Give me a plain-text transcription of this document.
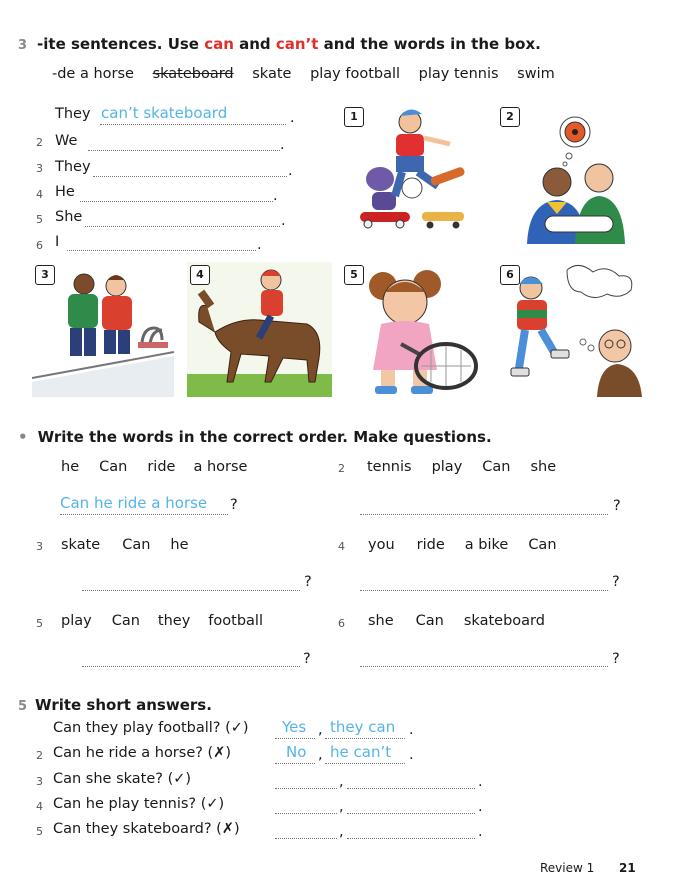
3 -ite sentences. Use can and can’t and the words in the box.
-de a horse skateboard skate play football play tennis swim
They can’t skateboard	.
2 We	.
3 They	.
4 He	.
5 She	.
6 I	.
1	2
3	4	5	6
• Write the words in the correct order. Make questions.
he Can ride a horse
Can he ride a horse ?
2 tennis play Can she
?
3 skate Can he
?
4 you ride a bike Can
?
5 play Can they football
?
6 she Can skateboard
?
5 Write short answers.
Can they play football? (✓) Yes , they can .
2 Can he ride a horse? (✗)	No , he can’t .
3 Can she skate? (✓)	,	.
4 Can he play tennis? (✓)	,	.
5 Can they skateboard? (✗)	,	.
Review 1 21
